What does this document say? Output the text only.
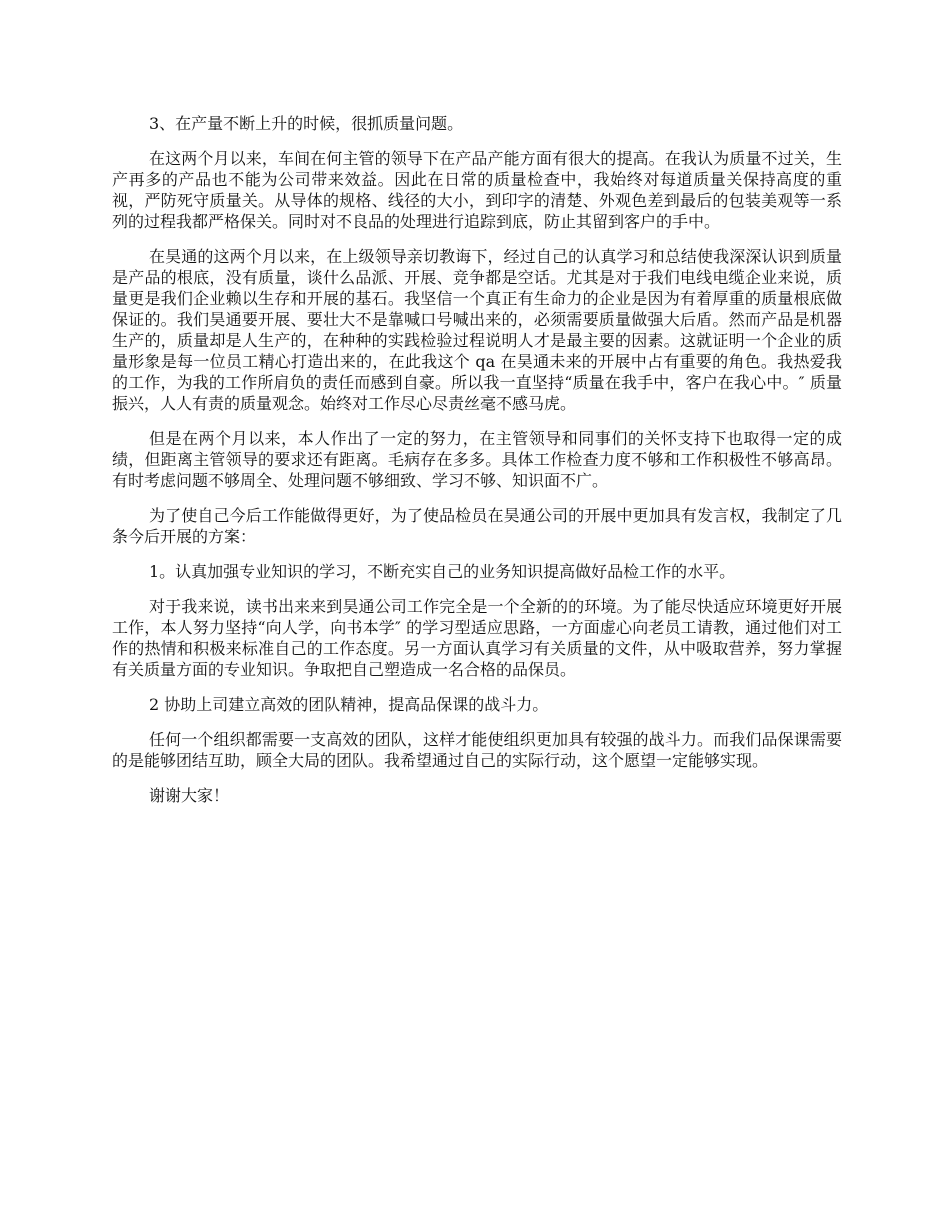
3、在产量不断上升的时候，很抓质量问题。

在这两个月以来，车间在何主管的领导下在产品产能方面有很大的提高。在我认为质量不过关，生产再多的产品也不能为公司带来效益。因此在日常的质量检查中，我始终对每道质量关保持高度的重视，严防死守质量关。从导体的规格、线径的大小，到印字的清楚、外观色差到最后的包装美观等一系列的过程我都严格保关。同时对不良品的处理进行追踪到底，防止其留到客户的手中。

在昊通的这两个月以来，在上级领导亲切教诲下，经过自己的认真学习和总结使我深深认识到质量是产品的根底，没有质量，谈什么品派、开展、竞争都是空话。尤其是对于我们电线电缆企业来说，质量更是我们企业赖以生存和开展的基石。我坚信一个真正有生命力的企业是因为有着厚重的质量根底做保证的。我们昊通要开展、要壮大不是靠喊口号喊出来的，必须需要质量做强大后盾。然而产品是机器生产的，质量却是人生产的，在种种的实践检验过程说明人才是最主要的因素。这就证明一个企业的质量形象是每一位员工精心打造出来的，在此我这个 qa 在昊通未来的开展中占有重要的角色。我热爱我的工作，为我的工作所肩负的责任而感到自豪。所以我一直坚持“质量在我手中，客户在我心中。″ 质量振兴，人人有责的质量观念。始终对工作尽心尽责丝毫不感马虎。

但是在两个月以来，本人作出了一定的努力，在主管领导和同事们的关怀支持下也取得一定的成绩，但距离主管领导的要求还有距离。毛病存在多多。具体工作检查力度不够和工作积极性不够高昂。有时考虑问题不够周全、处理问题不够细致、学习不够、知识面不广。

为了使自己今后工作能做得更好，为了使品检员在昊通公司的开展中更加具有发言权，我制定了几条今后开展的方案：

1。认真加强专业知识的学习，不断充实自己的业务知识提高做好品检工作的水平。

对于我来说，读书出来来到昊通公司工作完全是一个全新的的环境。为了能尽快适应环境更好开展工作，本人努力坚持“向人学，向书本学″ 的学习型适应思路，一方面虚心向老员工请教，通过他们对工作的热情和积极来标准自己的工作态度。另一方面认真学习有关质量的文件，从中吸取营养，努力掌握有关质量方面的专业知识。争取把自己塑造成一名合格的品保员。

2 协助上司建立高效的团队精神，提高品保课的战斗力。

任何一个组织都需要一支高效的团队，这样才能使组织更加具有较强的战斗力。而我们品保课需要的是能够团结互助，顾全大局的团队。我希望通过自己的实际行动，这个愿望一定能够实现。

谢谢大家！
